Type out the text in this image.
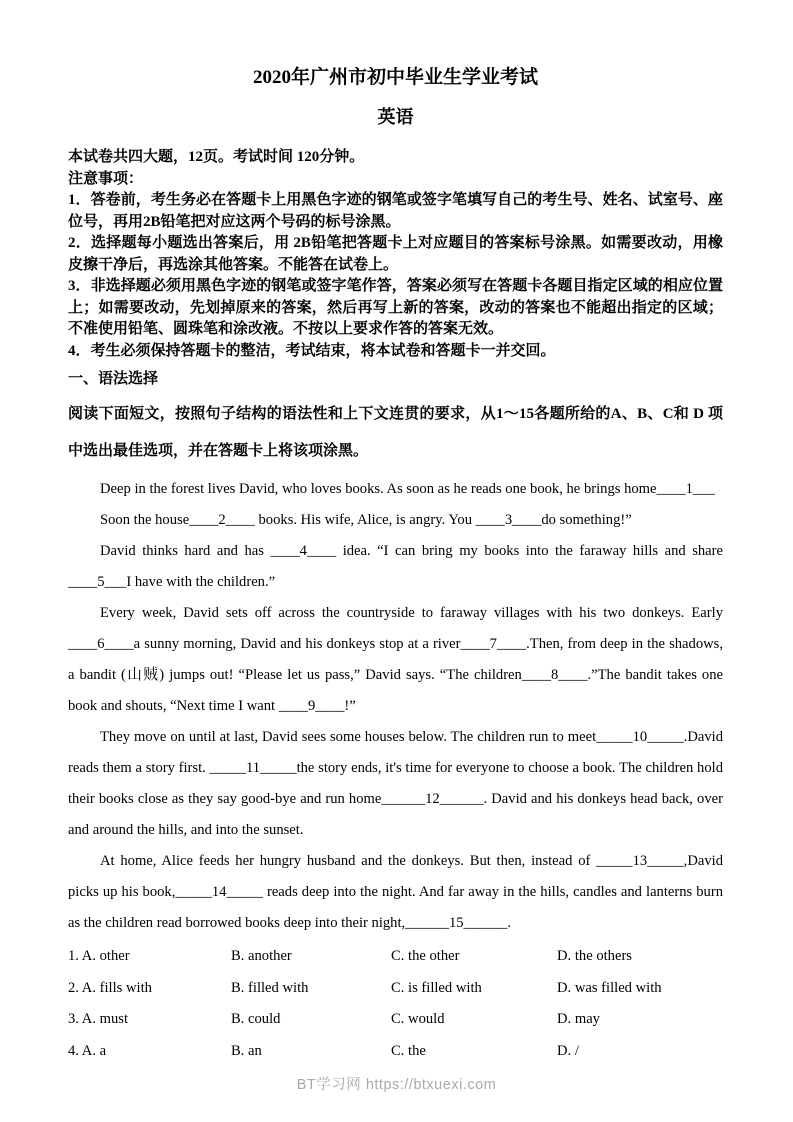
2020年广州市初中毕业生学业考试
英语

本试卷共四大题，12页。考试时间 120分钟。

注意事项：

1．答卷前，考生务必在答题卡上用黑色字迹的钢笔或签字笔填写自己的考生号、姓名、试室号、座位号，再用2B铅笔把对应这两个号码的标号涂黑。

2．选择题每小题选出答案后，用 2B铅笔把答题卡上对应题目的答案标号涂黑。如需要改动，用橡皮擦干净后，再选涂其他答案。不能答在试卷上。

3．非选择题必须用黑色字迹的钢笔或签字笔作答，答案必须写在答题卡各题目指定区域的相应位置上；如需要改动，先划掉原来的答案，然后再写上新的答案，改动的答案也不能超出指定的区域；不准使用铅笔、圆珠笔和涂改液。不按以上要求作答的答案无效。

4．考生必须保持答题卡的整洁，考试结束，将本试卷和答题卡一并交回。

一、语法选择

阅读下面短文，按照句子结构的语法性和上下文连贯的要求，从1～15各题所给的A、B、C和 D 项中选出最佳选项，并在答题卡上将该项涂黑。

Deep in the forest lives David, who loves books. As soon as he reads one book, he brings home____1___

Soon the house____2____ books. His wife, Alice, is angry. You ____3____do something!”

David thinks hard and has ____4____ idea. “I can bring my books into the faraway hills and share ____5___I have with the children.”

Every week, David sets off across the countryside to faraway villages with his two donkeys. Early ____6____a sunny morning, David and his donkeys stop at a river____7____.Then, from deep in the shadows, a bandit (山贼) jumps out! “Please let us pass,” David says. “The children____8____.”The bandit takes one book and shouts, “Next time I want ____9____!”

They move on until at last, David sees some houses below. The children run to meet_____10_____.David reads them a story first. _____11_____the story ends, it's time for everyone to choose a book. The children hold their books close as they say good-bye and run home______12______. David and his donkeys head back, over and around the hills, and into the sunset.

At home, Alice feeds her hungry husband and the donkeys. But then, instead of _____13_____,David picks up his book,_____14_____ reads deep into the night. And far away in the hills, candles and lanterns burn as the children read borrowed books deep into their night,______15______.

1. A. other	B. another	C. the other	D. the others
2. A. fills with	B. filled with	C. is filled with	D. was filled with
3. A. must	B. could	C. would	D. may
4. A. a	B. an	C. the	D. /
BT学习网 https://btxuexi.com
